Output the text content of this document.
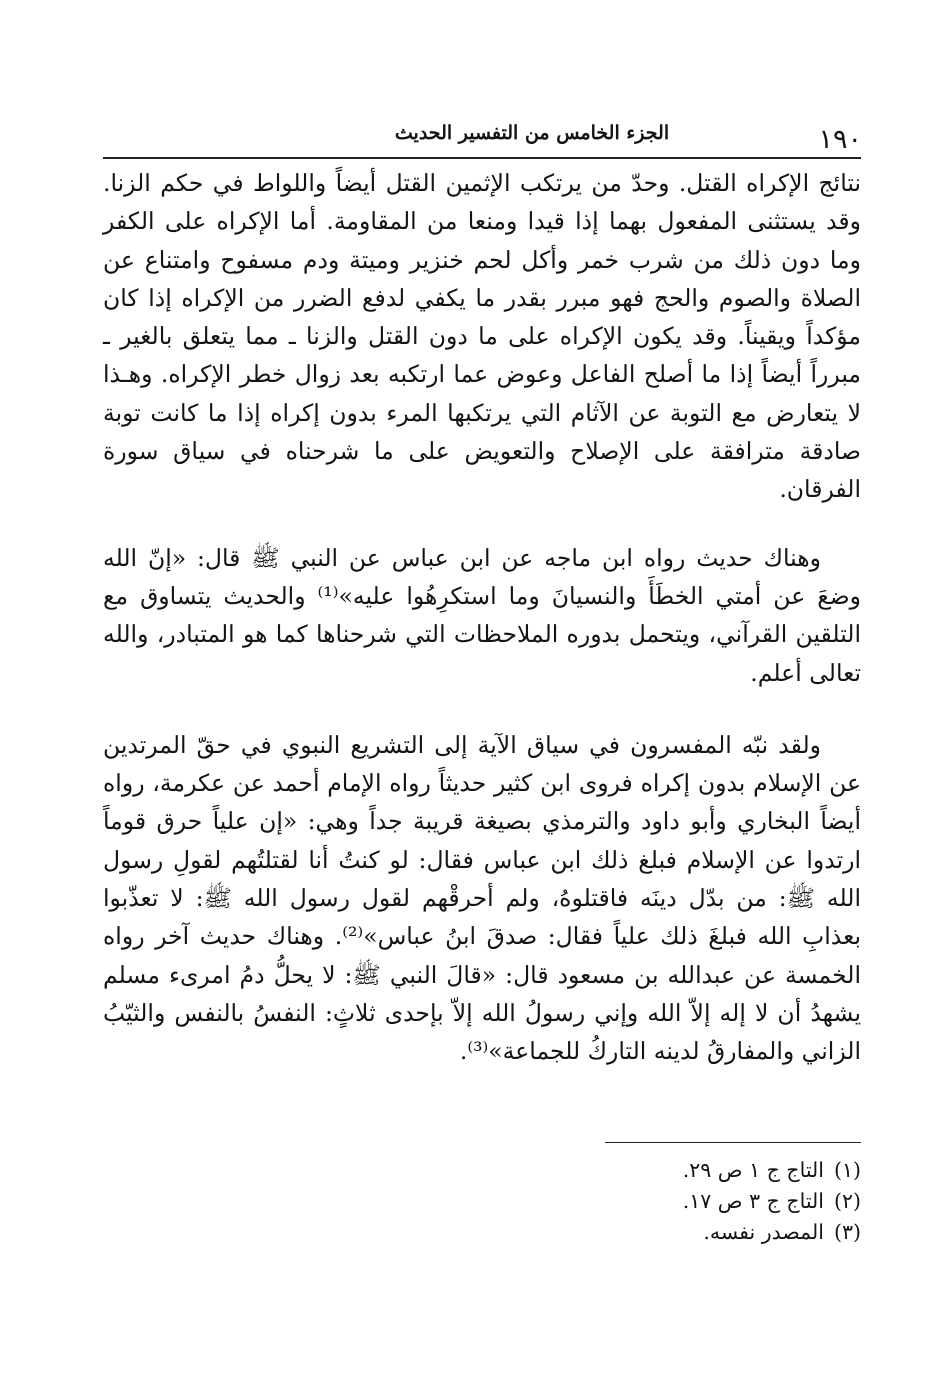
١٩٠
الجزء الخامس من التفسير الحديث

نتائج الإكراه القتل. وحدّ من يرتكب الإثمين القتل أيضاً واللواط في حكم الزنا. وقد يستثنى المفعول بهما إذا قيدا ومنعا من المقاومة. أما الإكراه على الكفر وما دون ذلك من شرب خمر وأكل لحم خنزير وميتة ودم مسفوح وامتناع عن الصلاة والصوم والحج فهو مبرر بقدر ما يكفي لدفع الضرر من الإكراه إذا كان مؤكداً ويقيناً. وقد يكون الإكراه على ما دون القتل والزنا ـ مما يتعلق بالغير ـ مبرراً أيضاً إذا ما أصلح الفاعل وعوض عما ارتكبه بعد زوال خطر الإكراه. وهـذا لا يتعارض مع التوبة عن الآثام التي يرتكبها المرء بدون إكراه إذا ما كانت توبة صادقة مترافقة على الإصلاح والتعويض على ما شرحناه في سياق سورة الفرقان.

وهناك حديث رواه ابن ماجه عن ابن عباس عن النبي ﷺ قال: «إنّ الله وضعَ عن أمتي الخطَأَ والنسيانَ وما استكرِهُوا عليه»⁽¹⁾ والحديث يتساوق مع التلقين القرآني، ويتحمل بدوره الملاحظات التي شرحناها كما هو المتبادر، والله تعالى أعلم.

ولقد نبّه المفسرون في سياق الآية إلى التشريع النبوي في حقّ المرتدين عن الإسلام بدون إكراه فروى ابن كثير حديثاً رواه الإمام أحمد عن عكرمة، رواه أيضاً البخاري وأبو داود والترمذي بصيغة قريبة جداً وهي: «إن علياً حرق قوماً ارتدوا عن الإسلام فبلغ ذلك ابن عباس فقال: لو كنتُ أنا لقتلتُهم لقولِ رسول الله ﷺ: من بدّل دينَه فاقتلوهُ، ولم أحرقْهم لقول رسول الله ﷺ: لا تعذّبوا بعذابِ الله فبلغَ ذلك علياً فقال: صدقَ ابنُ عباس»⁽²⁾. وهناك حديث آخر رواه الخمسة عن عبدالله بن مسعود قال: «قالَ النبي ﷺ: لا يحلُّ دمُ امرىء مسلم يشهدُ أن لا إله إلاّ الله وإني رسولُ الله إلاّ بإحدى ثلاثٍ: النفسُ بالنفس والثيّبُ الزاني والمفارقُ لدينه التاركُ للجماعة»⁽³⁾.

(١)التاج ج ١ ص ٢٩.
(٢)التاج ج ٣ ص ١٧.
(٣)المصدر نفسه.
